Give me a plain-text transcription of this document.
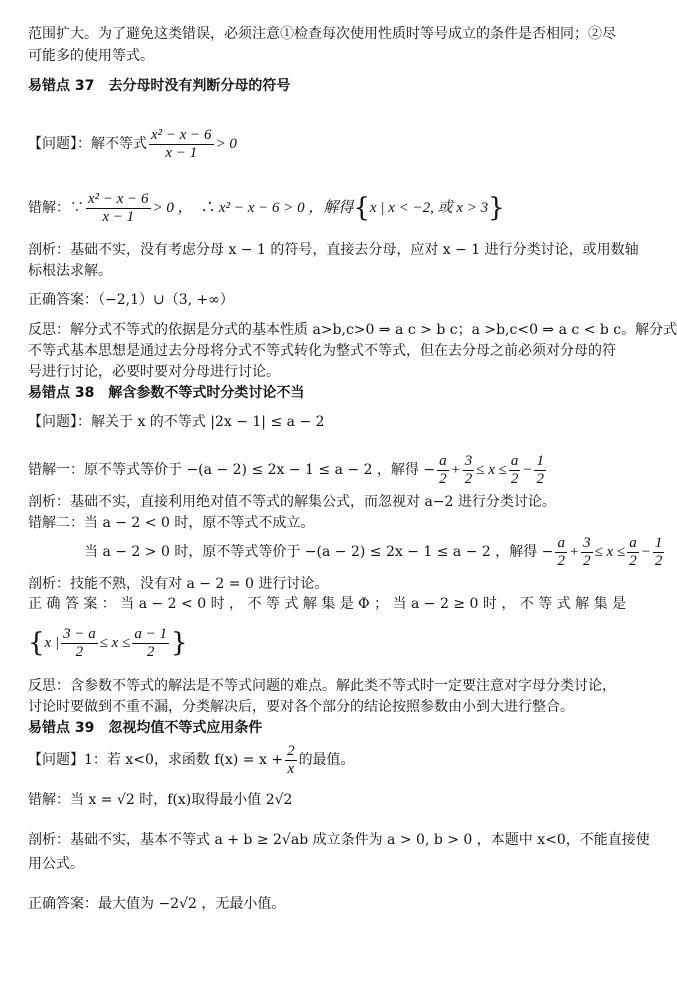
范围扩大。为了避免这类错误，必须注意①检查每次使用性质时等号成立的条件是否相同；②尽
可能多的使用等式。
易错点 37　去分母时没有判断分母的符号
【问题】：解不等式 $\frac{\text{x² − x − 6}}{x - 1} > 0$
错解：∵ $\frac{\text{x² − x − 6}}{x - 1} > 0$ ，　∴ x² − x − 6 > 0 ，解得 { x | x < −2, 或 x > 3 }
剖析：基础不实，没有考虑分母 x − 1 的符号，直接去分母，应对 x − 1 进行分类讨论，或用数轴
标根法求解。
正确答案：（−2,1）∪（3, +∞）
反思：解分式不等式的依据是分式的基本性质 a>b,c>0 ⇒ a c > b c；a >b,c<0 ⇒ a c < b c。解分式
不等式基本思想是通过去分母将分式不等式转化为整式不等式，但在去分母之前必须对分母的符
号进行讨论，必要时要对分母进行讨论。
易错点 38　解含参数不等式时分类讨论不当
【问题】：解关于 x 的不等式 |2x − 1| ≤ a − 2
错解一：原不等式等价于 −(a − 2) ≤ 2x − 1 ≤ a − 2 ，解得 − $\frac{a}{2} + \frac{3}{2} \le x \le \frac{a}{2} - \frac{1}{2}$
剖析：基础不实，直接利用绝对值不等式的解集公式，而忽视对 a−2 进行分类讨论。
错解二：当 a − 2 < 0 时，原不等式不成立。
当 a − 2 > 0 时，原不等式等价于 −(a − 2) ≤ 2x − 1 ≤ a − 2 ，解得 − $\frac{a}{2} + \frac{3}{2} \le x \le \frac{a}{2} - \frac{1}{2}$
剖析：技能不熟，没有对 a − 2 = 0 进行讨论。
正 确 答 案 ： 当 a − 2 < 0 时 ， 不 等 式 解 集 是 Φ ； 当 a − 2 ≥ 0 时 ， 不 等 式 解 集 是
{ x | $\frac{3 - a}{2} \le x \le \frac{a - 1}{2}$ }
反思：含参数不等式的解法是不等式问题的难点。解此类不等式时一定要注意对字母分类讨论，
讨论时要做到不重不漏，分类解决后，要对各个部分的结论按照参数由小到大进行整合。
易错点 39　忽视均值不等式应用条件
【问题】1：若 x<0，求函数 $f(x) = x + \frac{2}{x}$ 的最值。
错解：当 x = √2 时，f(x)取得最小值 2√2
剖析：基础不实，基本不等式 a + b ≥ 2√ab 成立条件为 a > 0, b > 0 ，本题中 x<0，不能直接使
用公式。
正确答案：最大值为 −2√2 ，无最小值。
